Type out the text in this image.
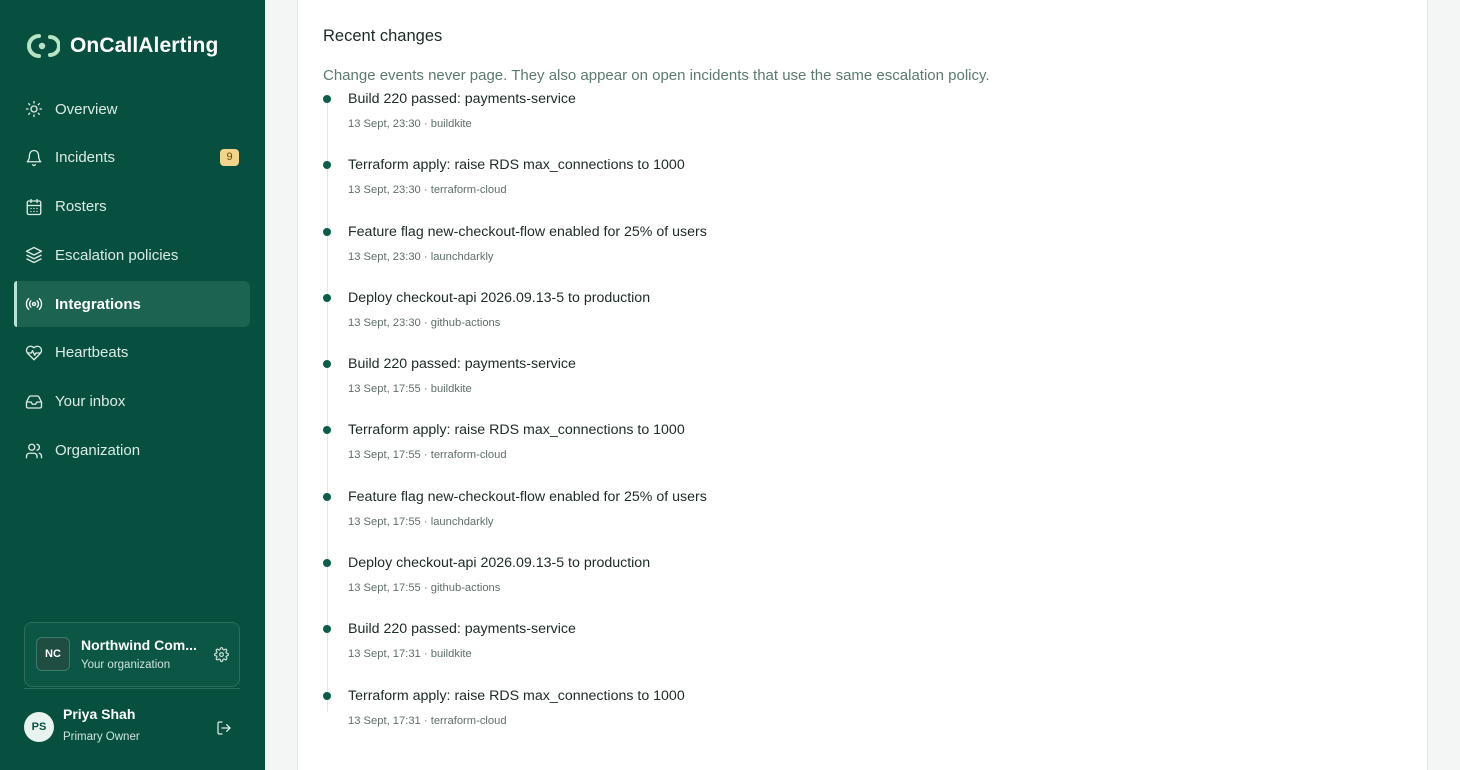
OnCallAlerting
Overview
Incidents	9
Rosters
Escalation policies
Integrations
Heartbeats
Your inbox
Organization
NC
Northwind Com...
Your organization
PS
Priya Shah
Primary Owner
Recent changes
Change events never page. They also appear on open incidents that use the same escalation policy.
Build 220 passed: payments-service
13 Sept, 23:30 · buildkite
Terraform apply: raise RDS max_connections to 1000
13 Sept, 23:30 · terraform-cloud
Feature flag new-checkout-flow enabled for 25% of users
13 Sept, 23:30 · launchdarkly
Deploy checkout-api 2026.09.13-5 to production
13 Sept, 23:30 · github-actions
Build 220 passed: payments-service
13 Sept, 17:55 · buildkite
Terraform apply: raise RDS max_connections to 1000
13 Sept, 17:55 · terraform-cloud
Feature flag new-checkout-flow enabled for 25% of users
13 Sept, 17:55 · launchdarkly
Deploy checkout-api 2026.09.13-5 to production
13 Sept, 17:55 · github-actions
Build 220 passed: payments-service
13 Sept, 17:31 · buildkite
Terraform apply: raise RDS max_connections to 1000
13 Sept, 17:31 · terraform-cloud
